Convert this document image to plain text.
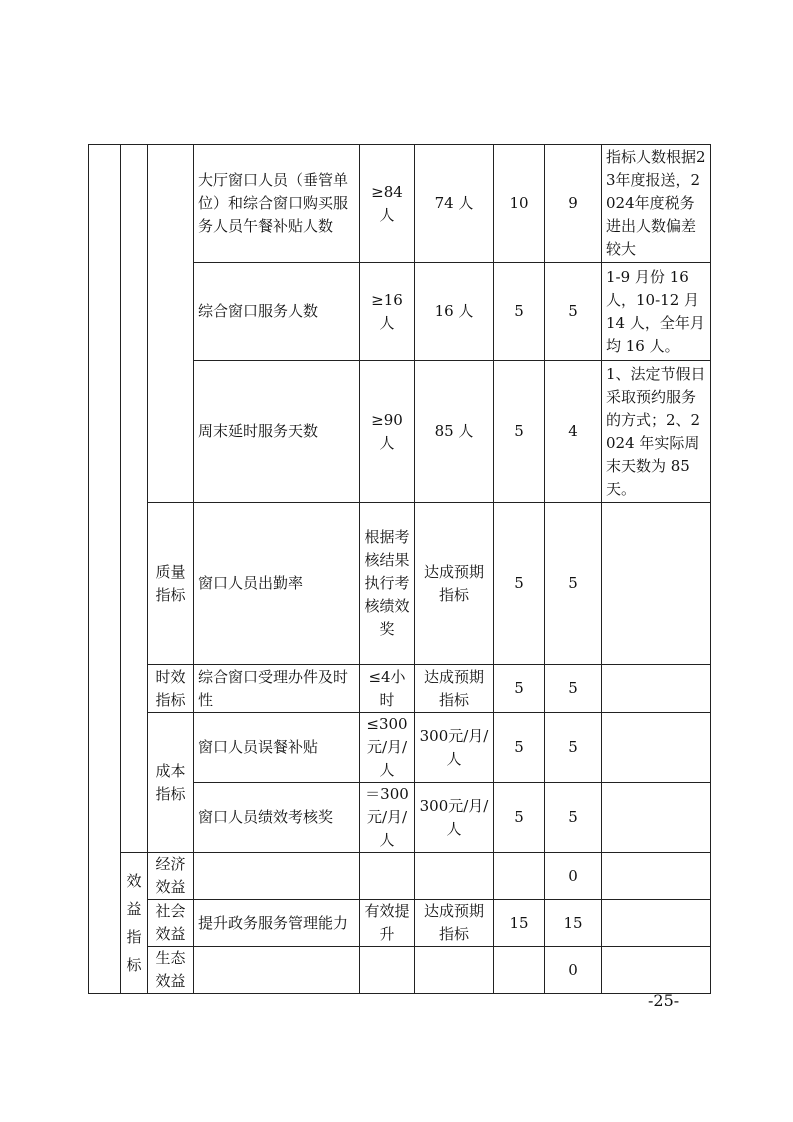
			大厅窗口人员（垂管单位）和综合窗口购买服务人员午餐补贴人数	≥84人	74 人	10	9	指标人数根据23年度报送，2024年度税务进出人数偏差较大
			综合窗口服务人数	≥16人	16 人	5	5	1-9 月份 16 人，10-12 月 14 人，全年月均 16 人。
			周末延时服务天数	≥90人	85 人	5	4	1、法定节假日采取预约服务的方式；2、2024 年实际周末天数为 85 天。
		质量指标	窗口人员出勤率	根据考核结果执行考核绩效奖	达成预期指标	5	5	
		时效指标	综合窗口受理办件及时性	≤4小时	达成预期指标	5	5	
		成本指标	窗口人员误餐补贴	≤300元/月/人	300元/月/人	5	5	
			窗口人员绩效考核奖	＝300元/月/人	300元/月/人	5	5	
	效益指标	经济效益					0	
		社会效益	提升政务服务管理能力	有效提升	达成预期指标	15	15	
		生态效益					0	
-25-
